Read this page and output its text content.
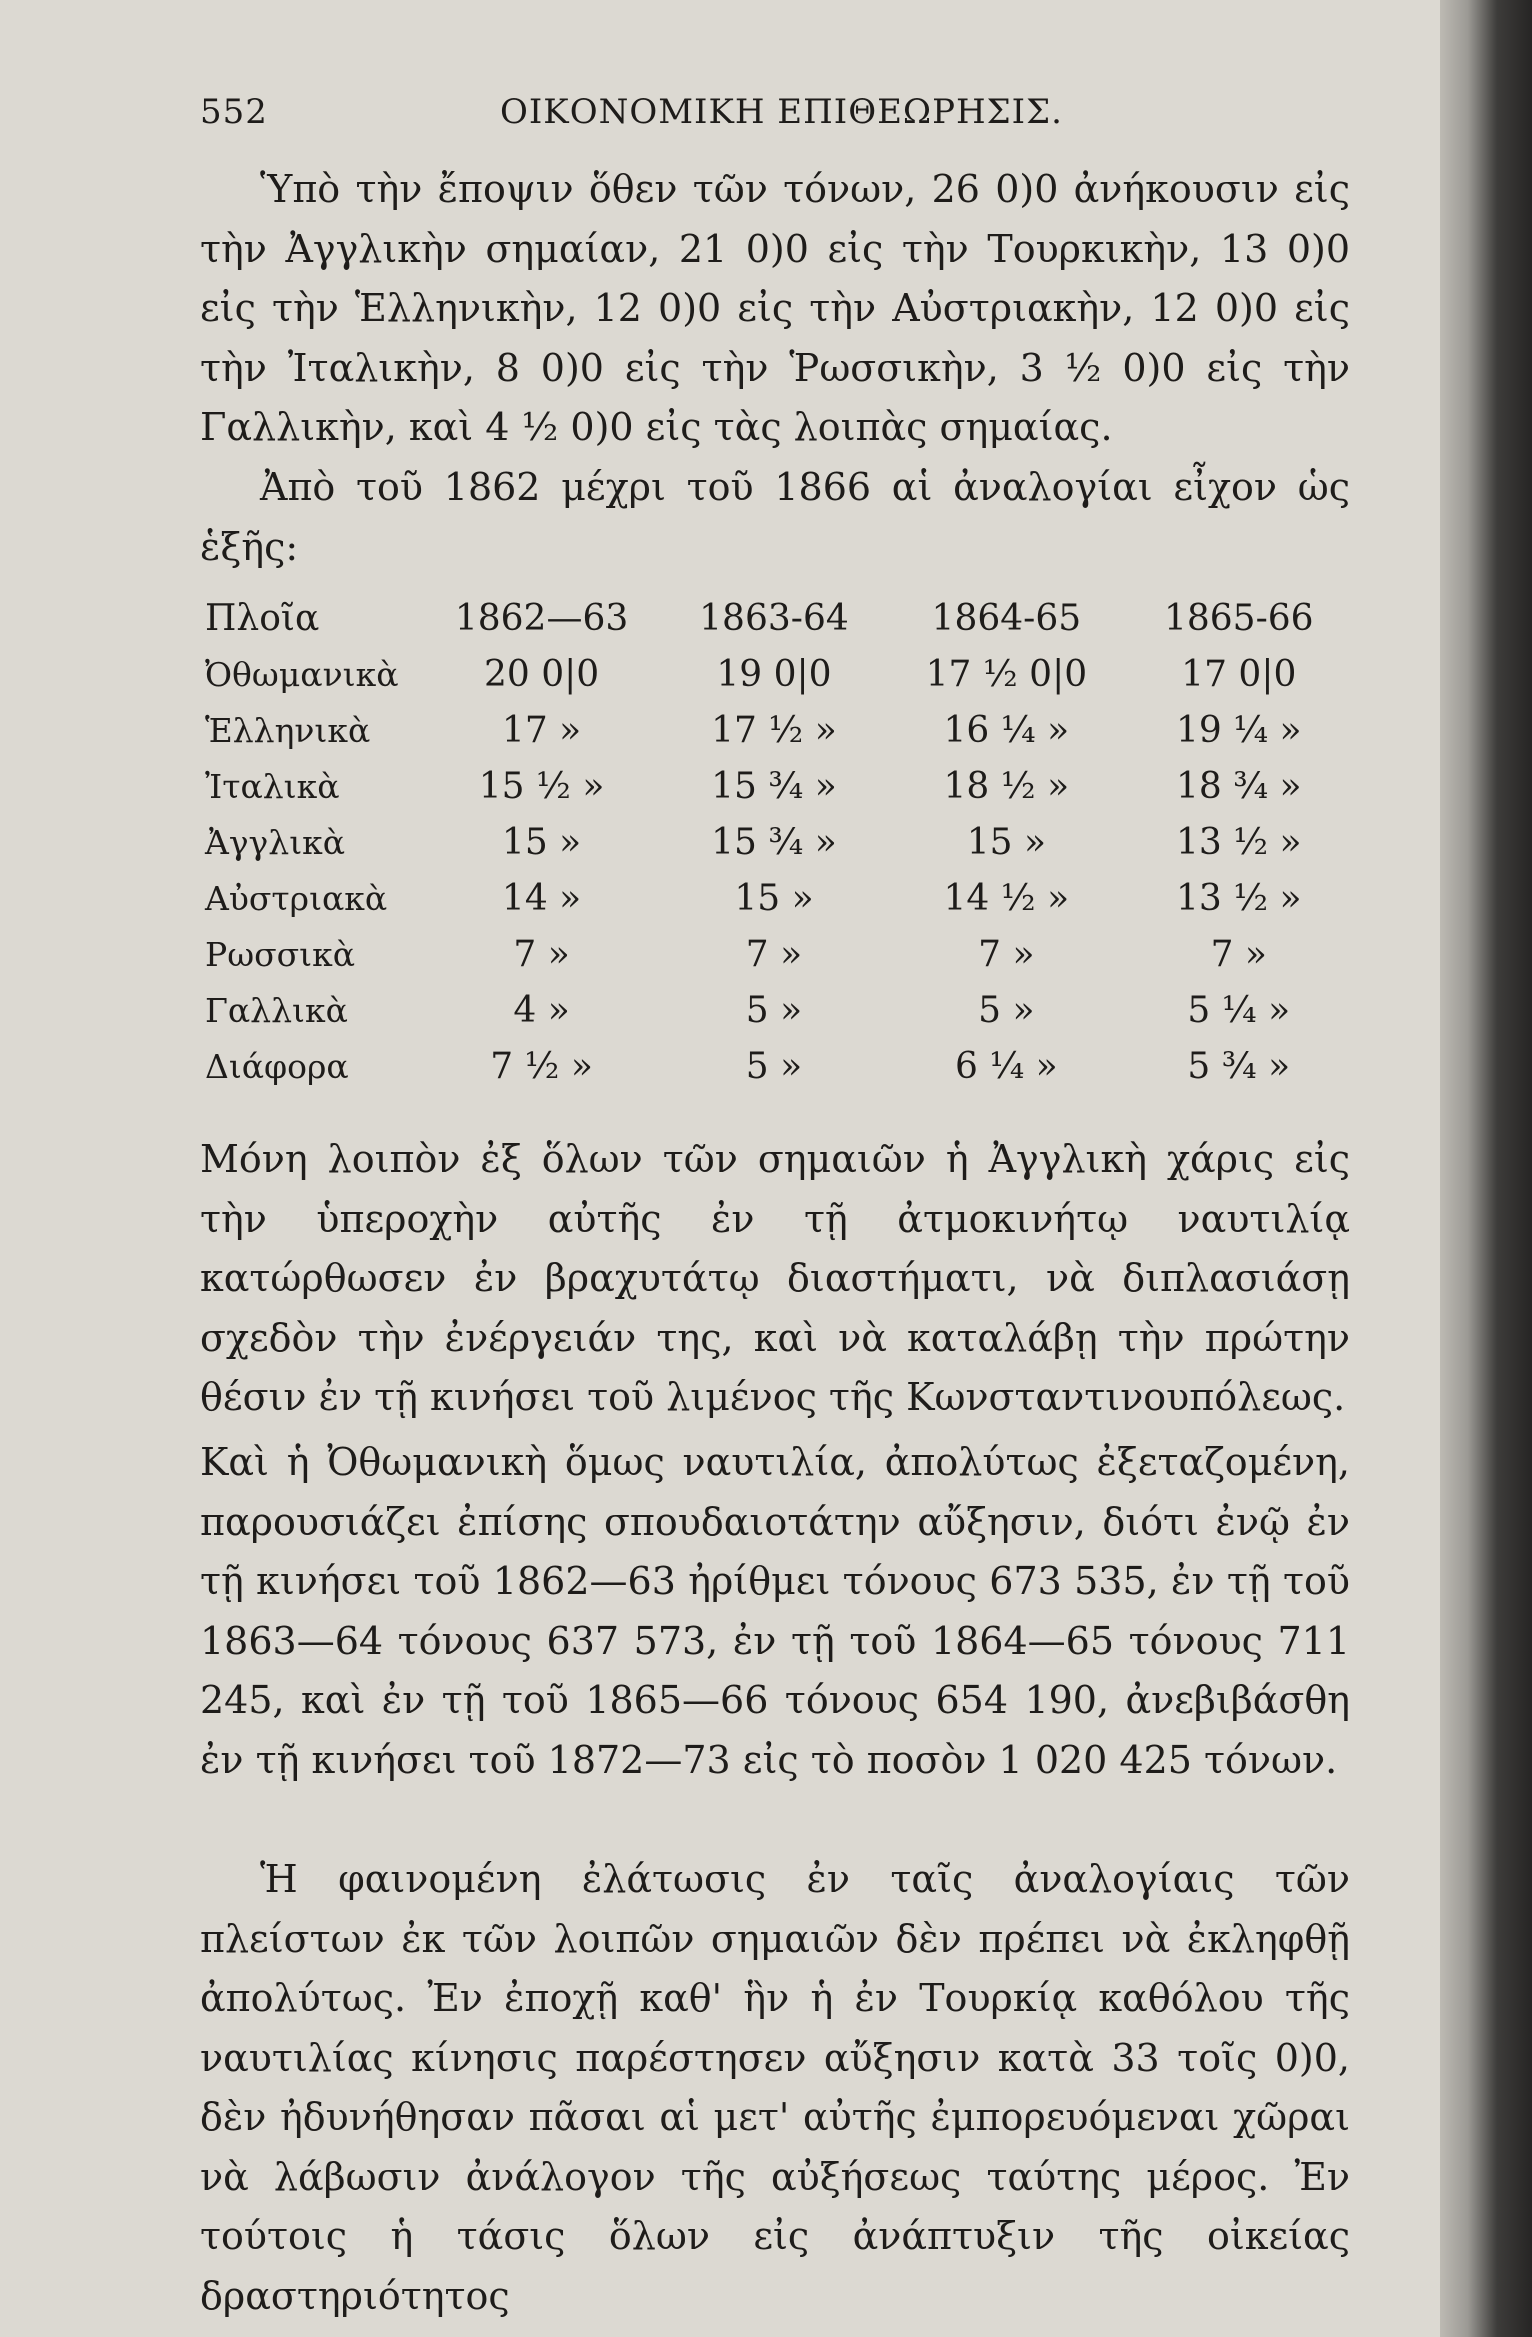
552	ΟΙΚΟΝΟΜΙΚΗ ΕΠΙΘΕΩΡΗΣΙΣ.

Ὑπὸ τὴν ἔποψιν ὅθεν τῶν τόνων, 26 0)0 ἀνήκουσιν εἰς τὴν Ἀγγλικὴν σημαίαν, 21 0)0 εἰς τὴν Τουρκικὴν, 13 0)0 εἰς τὴν Ἑλληνικὴν, 12 0)0 εἰς τὴν Αὐστριακὴν, 12 0)0 εἰς τὴν Ἰταλικὴν, 8 0)0 εἰς τὴν Ῥωσσικὴν, 3 ½ 0)0 εἰς τὴν Γαλλικὴν, καὶ 4 ½ 0)0 εἰς τὰς λοιπὰς σημαίας.

Ἀπὸ τοῦ 1862 μέχρι τοῦ 1866 αἱ ἀναλογίαι εἶχον ὡς ἑξῆς:

Πλοῖα	1862—63	1863-64	1864-65	1865-66
Ὀθωμανικὰ	20 0|0	19 0|0	17 ½ 0|0	17 0|0
Ἑλληνικὰ	17 »	17 ½ »	16 ¼ »	19 ¼ »
Ἰταλικὰ	15 ½ »	15 ¾ »	18 ½ »	18 ¾ »
Ἀγγλικὰ	15 »	15 ¾ »	15 »	13 ½ »
Αὐστριακὰ	14 »	15 »	14 ½ »	13 ½ »
Ρωσσικὰ	7 »	7 »	7 »	7 »
Γαλλικὰ	4 »	5 »	5 »	5 ¼ »
Διάφορα	7 ½ »	5 »	6 ¼ »	5 ¾ »

Μόνη λοιπὸν ἐξ ὅλων τῶν σημαιῶν ἡ Ἀγγλικὴ χάρις εἰς τὴν ὑπεροχὴν αὐτῆς ἐν τῇ ἀτμοκινήτῳ ναυτιλίᾳ κατώρθωσεν ἐν βραχυτάτῳ διαστήματι, νὰ διπλασιάσῃ σχεδὸν τὴν ἐνέργειάν της, καὶ νὰ καταλάβῃ τὴν πρώτην θέσιν ἐν τῇ κινήσει τοῦ λιμένος τῆς Κωνσταντινουπόλεως.

Καὶ ἡ Ὀθωμανικὴ ὅμως ναυτιλία, ἀπολύτως ἐξεταζομένη, παρουσιάζει ἐπίσης σπουδαιοτάτην αὔξησιν, διότι ἐνῷ ἐν τῇ κινήσει τοῦ 1862—63 ἠρίθμει τόνους 673 535, ἐν τῇ τοῦ 1863—64 τόνους 637 573, ἐν τῇ τοῦ 1864—65 τόνους 711 245, καὶ ἐν τῇ τοῦ 1865—66 τόνους 654 190, ἀνεβιβάσθη ἐν τῇ κινήσει τοῦ 1872—73 εἰς τὸ ποσὸν 1 020 425 τόνων.

Ἡ φαινομένη ἐλάτωσις ἐν ταῖς ἀναλογίαις τῶν πλείστων ἐκ τῶν λοιπῶν σημαιῶν δὲν πρέπει νὰ ἐκληφθῇ ἀπολύτως. Ἐν ἐποχῇ καθ' ἣν ἡ ἐν Τουρκίᾳ καθόλου τῆς ναυτιλίας κίνησις παρέστησεν αὔξησιν κατὰ 33 τοῖς 0)0, δὲν ἠδυνήθησαν πᾶσαι αἱ μετ' αὐτῆς ἐμπορευόμεναι χῶραι νὰ λάβωσιν ἀνάλογον τῆς αὐξήσεως ταύτης μέρος. Ἐν τούτοις ἡ τάσις ὅλων εἰς ἀνάπτυξιν τῆς οἰκείας δραστηριότητος
